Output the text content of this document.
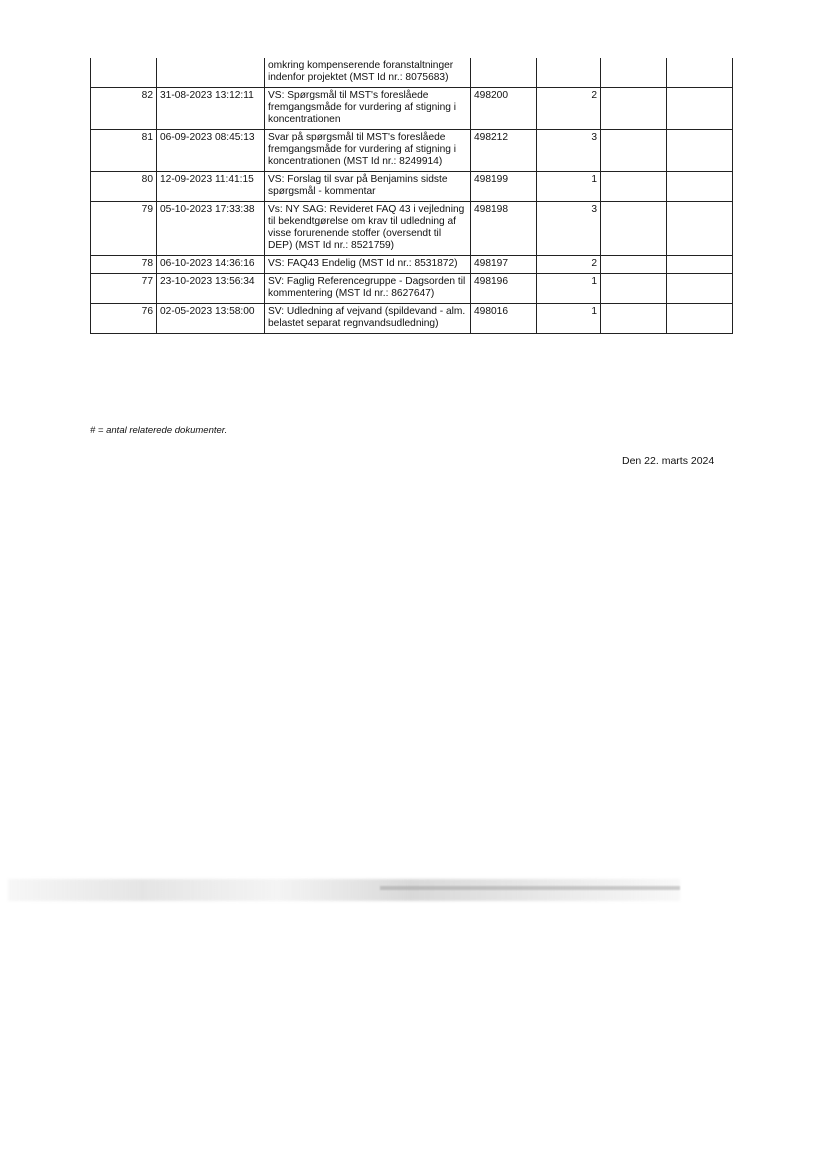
		omkring kompenserende foranstaltninger indenfor projektet (MST Id nr.: 8075683)				
82	31-08-2023 13:12:11	VS: Spørgsmål til MST's foreslåede fremgangsmåde for vurdering af stigning i koncentrationen	498200	2		
81	06-09-2023 08:45:13	Svar på spørgsmål til MST's foreslåede fremgangsmåde for vurdering af stigning i koncentrationen (MST Id nr.: 8249914)	498212	3		
80	12-09-2023 11:41:15	VS: Forslag til svar på Benjamins sidste spørgsmål - kommentar	498199	1		
79	05-10-2023 17:33:38	Vs: NY SAG: Revideret FAQ 43 i vejledning til bekendtgørelse om krav til udledning af visse forurenende stoffer (oversendt til DEP) (MST Id nr.: 8521759)	498198	3		
78	06-10-2023 14:36:16	VS: FAQ43 Endelig (MST Id nr.: 8531872)	498197	2		
77	23-10-2023 13:56:34	SV: Faglig Referencegruppe - Dagsorden til kommentering (MST Id nr.: 8627647)	498196	1		
76	02-05-2023 13:58:00	SV: Udledning af vejvand (spildevand - alm. belastet separat regnvandsudledning)	498016	1		
# = antal relaterede dokumenter.
Den 22. marts 2024
